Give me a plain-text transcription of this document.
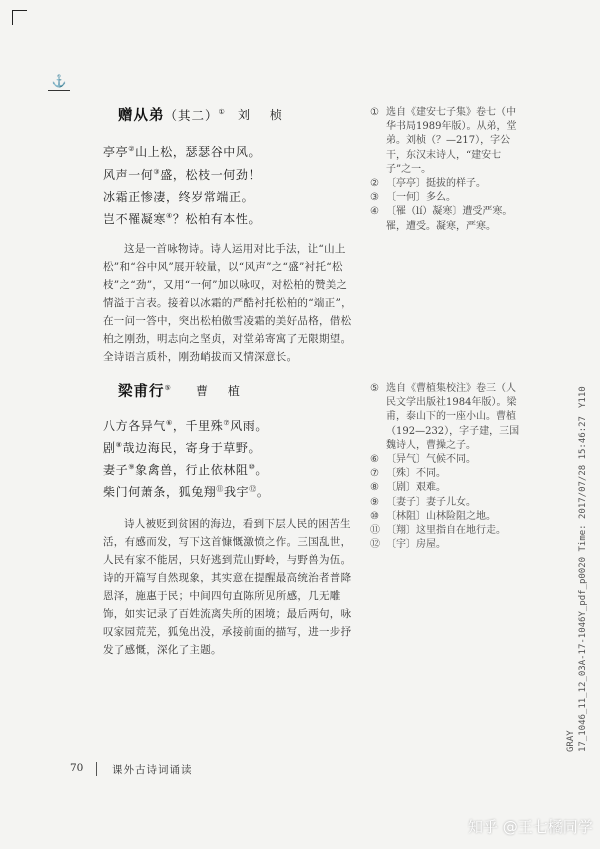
⚓
赠从弟（其二）① 刘 桢
亭亭②山上松，瑟瑟谷中风。
风声一何③盛，松枝一何劲！
冰霜正惨凄，终岁常端正。
岂不罹凝寒④？松柏有本性。

这是一首咏物诗。诗人运用对比手法，让“山上松”和“谷中风”展开较量，以“风声”之“盛”衬托“松枝”之“劲”，又用“一何”加以咏叹，对松柏的赞美之情溢于言表。接着以冰霜的严酷衬托松柏的“端正”，在一问一答中，突出松柏傲雪凌霜的美好品格，借松柏之刚劲，明志向之坚贞，对堂弟寄寓了无限期望。全诗语言质朴，刚劲峭拔而又情深意长。

① 选自《建安七子集》卷七（中华书局1989年版）。从弟，堂弟。刘桢（？—217），字公干，东汉末诗人，“建安七子”之一。
② 〔亭亭〕挺拔的样子。
③ 〔一何〕多么。
④ 〔罹（lí）凝寒〕遭受严寒。罹，遭受。凝寒，严寒。
梁甫行⑤ 曹 植
八方各异气⑥，千里殊⑦风雨。
剧⑧哉边海民，寄身于草野。
妻子⑨象禽兽，行止依林阻⑩。
柴门何萧条，狐兔翔⑪我宇⑫。

诗人被贬到贫困的海边，看到下层人民的困苦生活，有感而发，写下这首慷慨激愤之作。三国乱世，人民有家不能居，只好逃到荒山野岭，与野兽为伍。诗的开篇写自然现象，其实意在提醒最高统治者普降恩泽，施惠于民；中间四句直陈所见所感，几无雕饰，如实记录了百姓流离失所的困境；最后两句，咏叹家园荒芜，狐兔出没，承接前面的描写，进一步抒发了感慨，深化了主题。

⑤ 选自《曹植集校注》卷三（人民文学出版社1984年版）。梁甫，泰山下的一座小山。曹植（192—232），字子建，三国魏诗人，曹操之子。
⑥ 〔异气〕气候不同。
⑦ 〔殊〕不同。
⑧ 〔剧〕艰难。
⑨ 〔妻子〕妻子儿女。
⑩ 〔林阻〕山林险阻之地。
⑪ 〔翔〕这里指自在地行走。
⑫ 〔宇〕房屋。
70	课外古诗词诵读
Y110
17_1046_11_12_03A-17-1046Y_pdf_p0020 Time: 2017/07/28 15:46:27
GRAY
知乎 @王七橘同学
